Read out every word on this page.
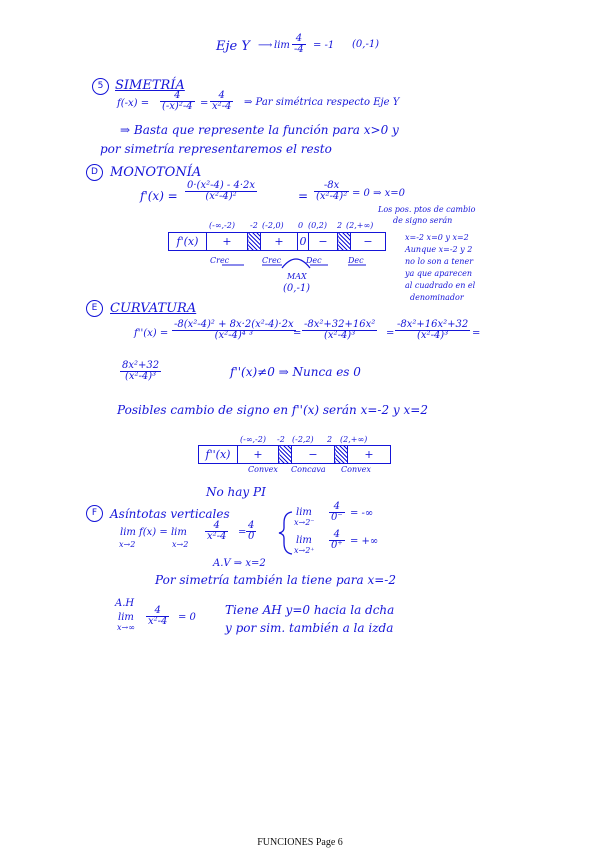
Eje Y ⟶ $\lim \frac{4}{-4} = -1$ (0,-1)
5 SIMETRÍA
$f(-x) = \frac{4}{\text{(-x)²-4}} = \frac{4}{\text{x²-4}}$ ⇒ Par simétrica respecto Eje Y
⇒ Basta que represente la función para x>0 y
por simetría representaremos el resto
D MONOTONÍA
$f'(x) = \frac{\text{0·(x²-4) - 4·2x}}{\text{(x²-4)²}}$	= $\frac{-8x}{\text{(x²-4)²}} = 0$ ⇒ x=0
Los pos. ptos de cambio
de signo serán
x=-2 x=0 y x=2
Aunque x=-2 y 2
no lo son a tener
ya que aparecen
al cuadrado en el
denominador
(-∞,-2) -2 (-2,0) 0 (0,2) 2 (2,+∞)
f'(x)	+		+	0	−		−
Crec	Crec	Dec	Dec
MAX
(0,-1)
E CURVATURA
$f''(x) = \frac{\text{-8(x²-4)² + 8x·2(x²-4)·2x}}{\text{(x²-4)⁴ ³}}$
= $\frac{\text{-8x²+32+16x²}}{\text{(x²-4)³}} = \frac{\text{-8x²+16x²+32}}{\text{(x²-4)³}}$ =
$\frac{\text{8x²+32}}{\text{(x²-4)³}}$	f''(x)≠0 ⇒ Nunca es 0
Posibles cambio de signo en f''(x) serán x=-2 y x=2
(-∞,-2) -2 (-2,2) 2 (2,+∞)
f''(x)	+		−		+
Convex Concava Convex
No hay PI
F	Asíntotas verticales
lim f(x) = lim
x→2	x→2
$\frac{4}{\text{x²-4}} = \frac{4}{0}$
lim
$x\to 2^- \frac{4}{0^-}$ = -∞
lim
$x\to 2^+ \frac{4}{0^+}$ = +∞
A.V ⇒ x=2
Por simetría también la tiene para x=-2
A.H
lim
x→∞
$\frac{4}{\text{x²-4}} = 0$
Tiene AH y=0 hacia la dcha
y por sim. también a la izda
FUNCIONES Page 6
